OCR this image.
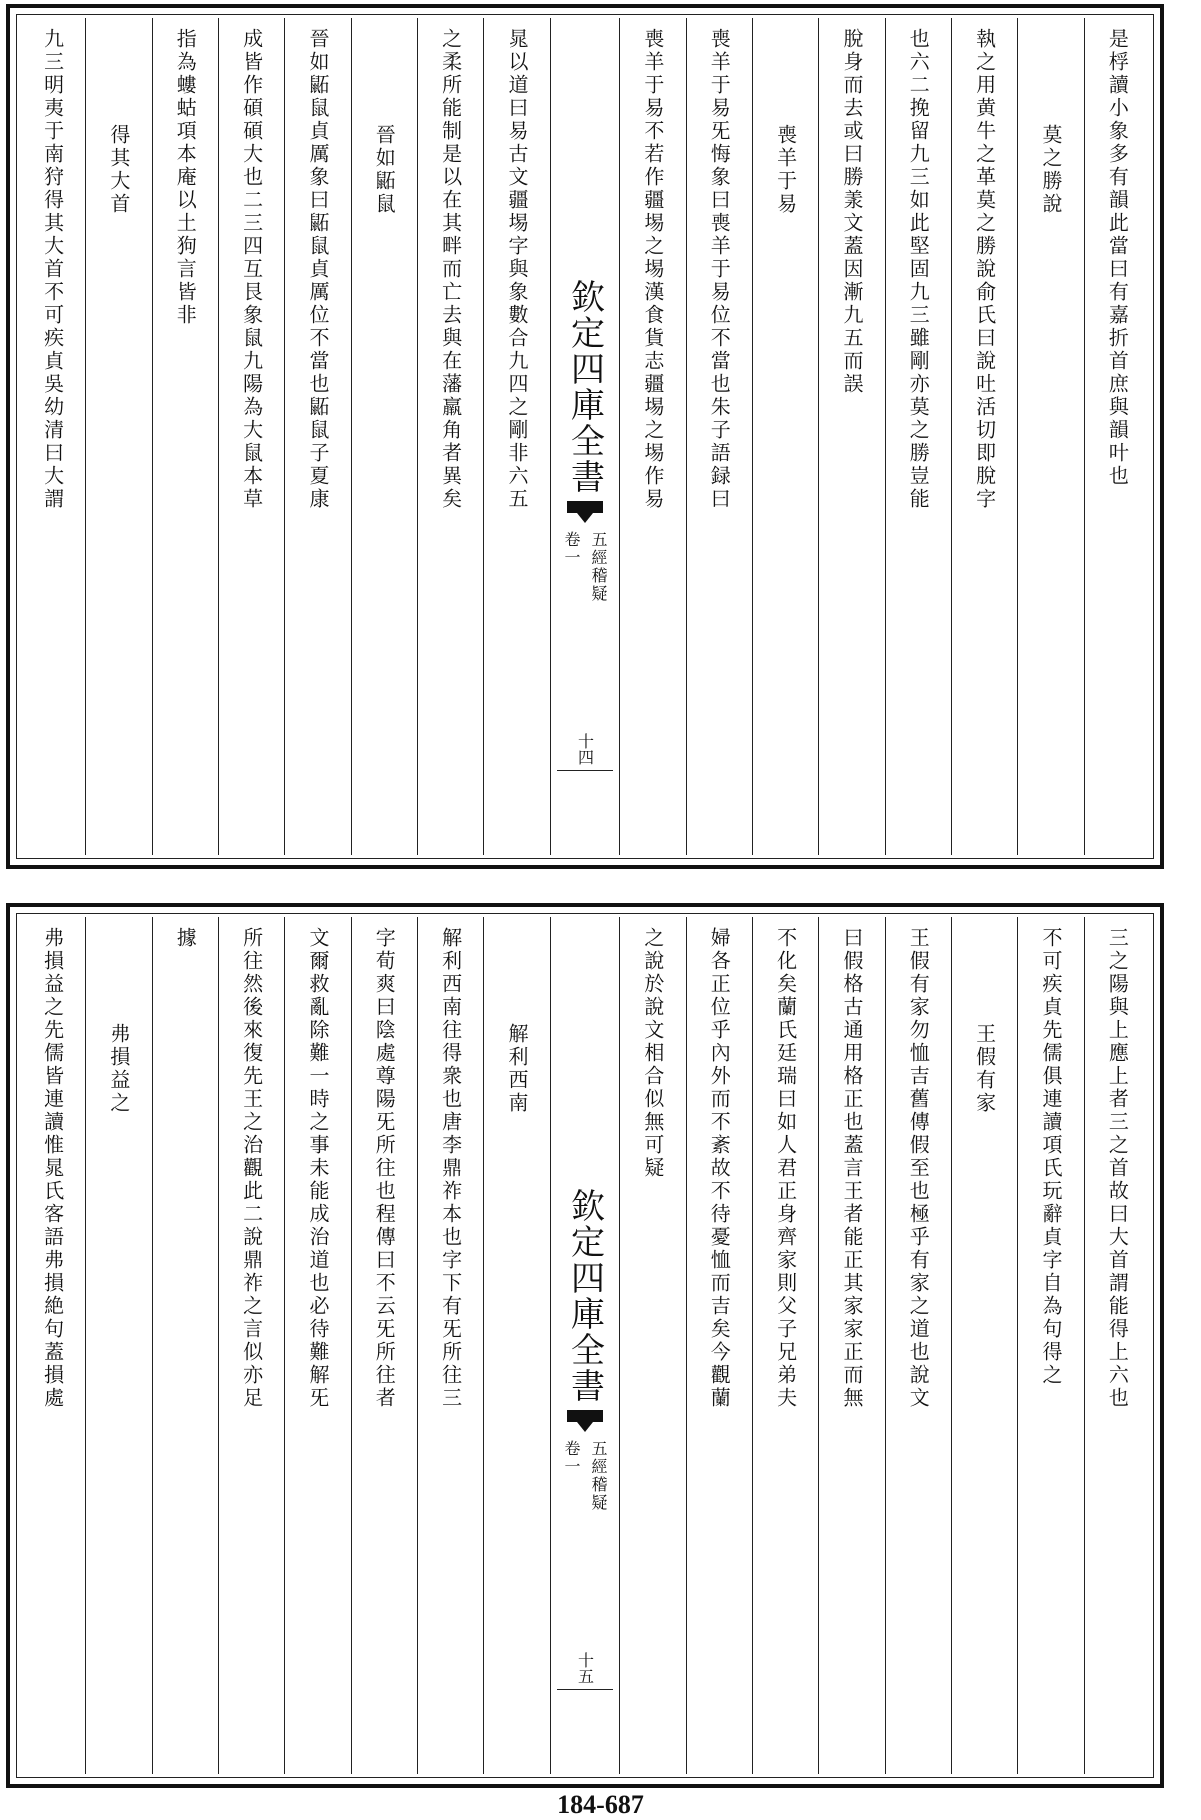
是桴讀小象多有韻此當曰有嘉折首庶與韻叶也
莫之勝說
執之用黄牛之革莫之勝說俞氏曰說吐活切即脫字
也六二挽留九三如此堅固九三雖剛亦莫之勝豈能
脫身而去或曰勝羕文蓋因漸九五而誤
喪羊于易
喪羊于易旡悔象曰喪羊于易位不當也朱子語録曰
喪羊于易不若作疆埸之埸漢食貨志疆埸之埸作易
欽定四庫全書
五經稽疑
卷一
十四
晁以道曰易古文疆埸字與象數合九四之剛非六五
之柔所能制是以在其畔而亡去與在藩羸角者異矣
晉如鼫鼠
晉如鼫鼠貞厲象曰鼫鼠貞厲位不當也鼫鼠子夏康
成皆作碩碩大也二三四互艮象鼠九陽為大鼠本草
指為螻蛄項本庵以土狗言皆非
得其大首
九三明夷于南狩得其大首不可疾貞吳幼清曰大謂
三之陽與上應上者三之首故曰大首謂能得上六也
不可疾貞先儒俱連讀項氏玩辭貞字自為句得之
王假有家
王假有家勿恤吉舊傳假至也極乎有家之道也說文
曰假格古通用格正也蓋言王者能正其家家正而無
不化矣蘭氏廷瑞曰如人君正身齊家則父子兄弟夫
婦各正位乎內外而不紊故不待憂恤而吉矣今觀蘭
之說於說文相合似無可疑
欽定四庫全書
五經稽疑
卷一
十五
解利西南
解利西南往得衆也唐李鼎祚本也字下有旡所往三
字荀爽曰陰處尊陽旡所往也程傳曰不云旡所往者
文爾救亂除難一時之事未能成治道也必待難解旡
所往然後來復先王之治觀此二說鼎祚之言似亦足
據
弗損益之
弗損益之先儒皆連讀惟晁氏客語弗損絶句蓋損處
184-687
